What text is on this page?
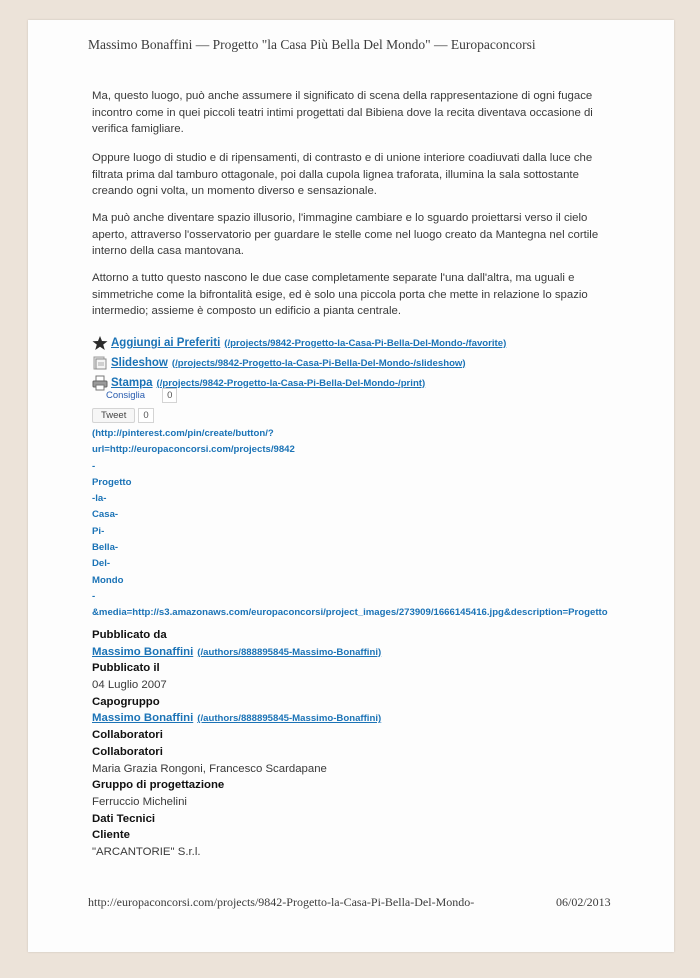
Massimo Bonaffini — Progetto "la Casa Più Bella Del Mondo" — Europaconcorsi
Ma, questo luogo, può anche assumere il significato di scena della rappresentazione di ogni fugace incontro come in quei piccoli teatri intimi progettati dal Bibiena dove la recita diventava occasione di verifica famigliare.
Oppure luogo di studio e di ripensamenti, di contrasto e di unione interiore coadiuvati dalla luce che filtrata prima dal tamburo ottagonale, poi dalla cupola lignea traforata, illumina la sala sottostante creando ogni volta, un momento diverso e sensazionale.
Ma può anche diventare spazio illusorio, l'immagine cambiare e lo sguardo proiettarsi verso il cielo aperto, attraverso l'osservatorio per guardare le stelle come nel luogo creato da Mantegna nel cortile interno della casa mantovana.
Attorno a tutto questo nascono le due case completamente separate l'una dall'altra, ma uguali e simmetriche come la bifrontalità esige, ed è solo una piccola porta che mette in relazione lo spazio intermedio; assieme è composto un edificio a pianta centrale.
Aggiungi ai Preferiti (/projects/9842-Progetto-la-Casa-Pi-Bella-Del-Mondo-/favorite)
Slideshow (/projects/9842-Progetto-la-Casa-Pi-Bella-Del-Mondo-/slideshow)
Stampa (/projects/9842-Progetto-la-Casa-Pi-Bella-Del-Mondo-/print)
Consiglia	0
Tweet	0
(http://pinterest.com/pin/create/button/?
url=http://europaconcorsi.com/projects/9842
-
Progetto
-la-
Casa-
Pi-
Bella-
Del-
Mondo
-
&media=http://s3.amazonaws.com/europaconcorsi/project_images/273909/1666145416.jpg&description=Progetto
Pubblicato da
Massimo Bonaffini (/authors/888895845-Massimo-Bonaffini)
Pubblicato il
04 Luglio 2007
Capogruppo
Massimo Bonaffini (/authors/888895845-Massimo-Bonaffini)
Collaboratori
Collaboratori
Maria Grazia Rongoni, Francesco Scardapane
Gruppo di progettazione
Ferruccio Michelini
Dati Tecnici
Cliente
"ARCANTORIE" S.r.l.
http://europaconcorsi.com/projects/9842-Progetto-la-Casa-Pi-Bella-Del-Mondo-	06/02/2013
